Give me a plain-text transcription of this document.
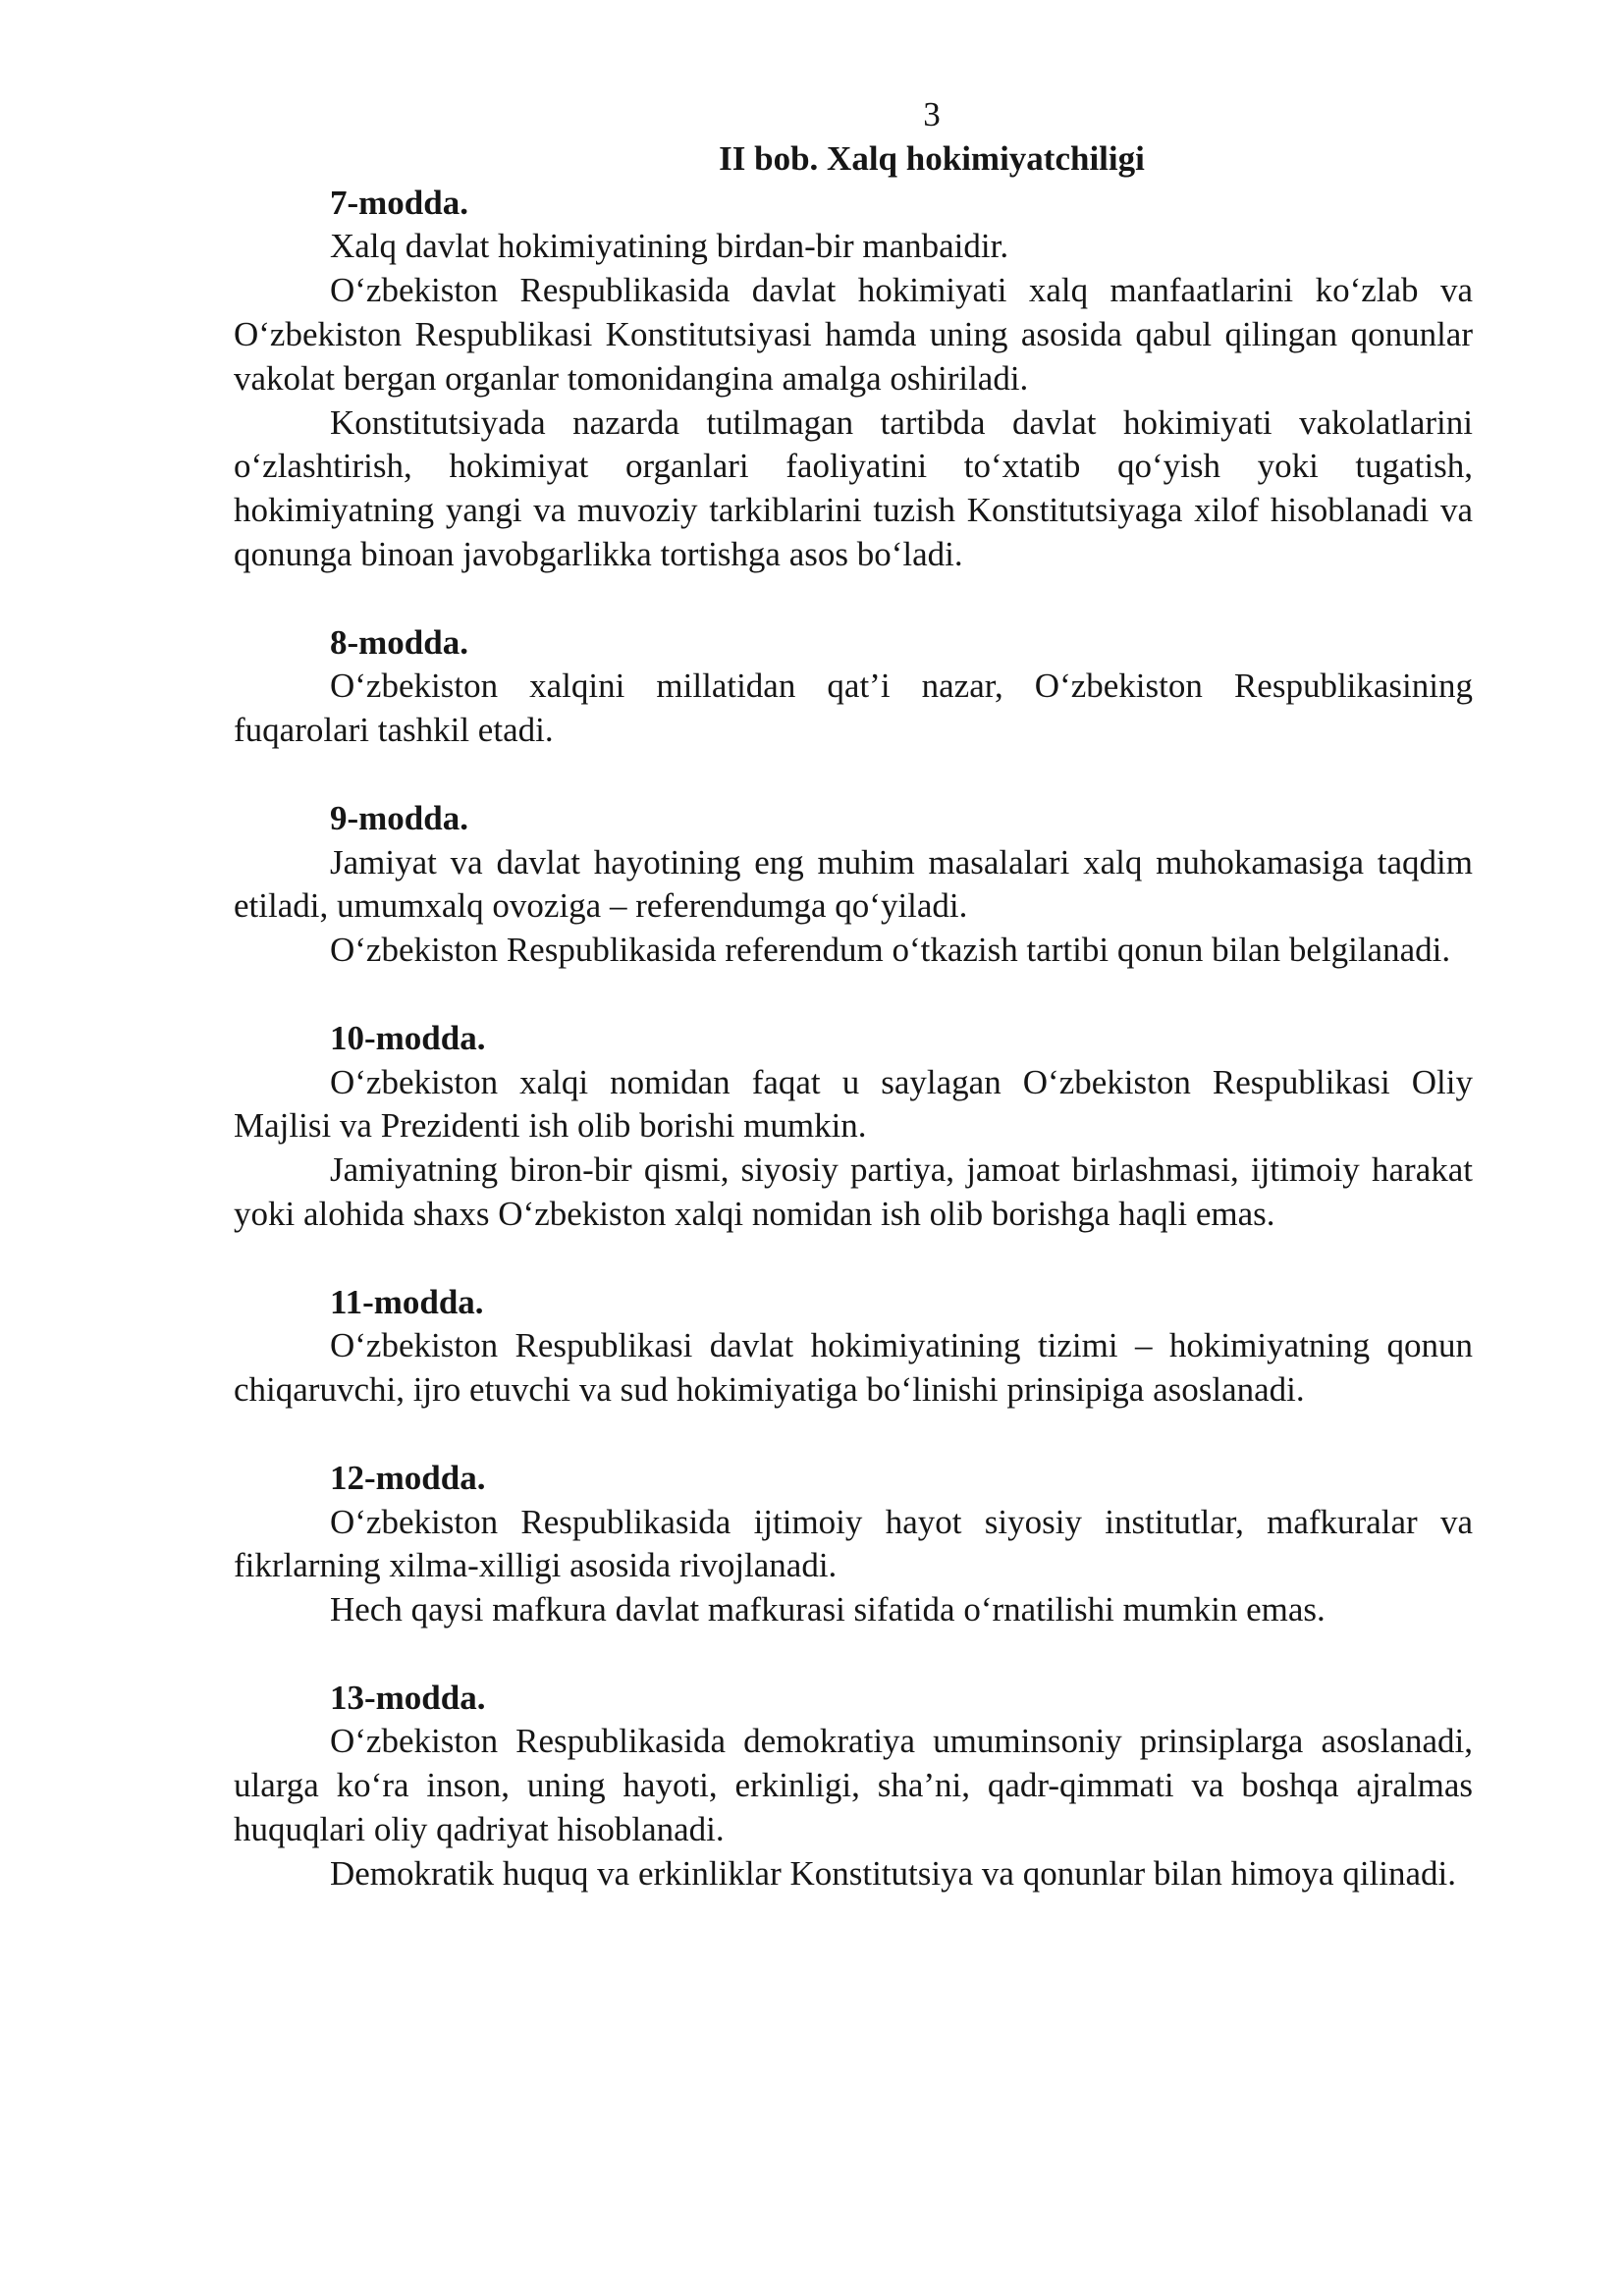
3

II bob. Xalq hokimiyatchiligi

7-modda.

Xalq davlat hokimiyatining birdan-bir manbaidir.

O‘zbekiston Respublikasida davlat hokimiyati xalq manfaatlarini ko‘zlab va O‘zbekiston Respublikasi Konstitutsiyasi hamda uning asosida qabul qilingan qonunlar vakolat bergan organlar tomonidangina amalga oshiriladi.

Konstitutsiyada nazarda tutilmagan tartibda davlat hokimiyati vakolatlarini o‘zlashtirish, hokimiyat organlari faoliyatini to‘xtatib qo‘yish yoki tugatish, hokimiyatning yangi va muvoziy tarkiblarini tuzish Konstitutsiyaga xilof hisoblanadi va qonunga binoan javobgarlikka tortishga asos bo‘ladi.

8-modda.

O‘zbekiston xalqini millatidan qat’i nazar, O‘zbekiston Respublikasining fuqarolari tashkil etadi.

9-modda.

Jamiyat va davlat hayotining eng muhim masalalari xalq muhokamasiga taqdim etiladi, umumxalq ovoziga – referendumga qo‘yiladi.

O‘zbekiston Respublikasida referendum o‘tkazish tartibi qonun bilan belgilanadi.

10-modda.

O‘zbekiston xalqi nomidan faqat u saylagan O‘zbekiston Respublikasi Oliy Majlisi va Prezidenti ish olib borishi mumkin.

Jamiyatning biron-bir qismi, siyosiy partiya, jamoat birlashmasi, ijtimoiy harakat yoki alohida shaxs O‘zbekiston xalqi nomidan ish olib borishga haqli emas.

11-modda.

O‘zbekiston Respublikasi davlat hokimiyatining tizimi – hokimiyatning qonun chiqaruvchi, ijro etuvchi va sud hokimiyatiga bo‘linishi prinsipiga asoslanadi.

12-modda.

O‘zbekiston Respublikasida ijtimoiy hayot siyosiy institutlar, mafkuralar va fikrlarning xilma-xilligi asosida rivojlanadi.

Hech qaysi mafkura davlat mafkurasi sifatida o‘rnatilishi mumkin emas.

13-modda.

O‘zbekiston Respublikasida demokratiya umuminsoniy prinsiplarga asoslanadi, ularga ko‘ra inson, uning hayoti, erkinligi, sha’ni, qadr-qimmati va boshqa ajralmas huquqlari oliy qadriyat hisoblanadi.

Demokratik huquq va erkinliklar Konstitutsiya va qonunlar bilan himoya qilinadi.
